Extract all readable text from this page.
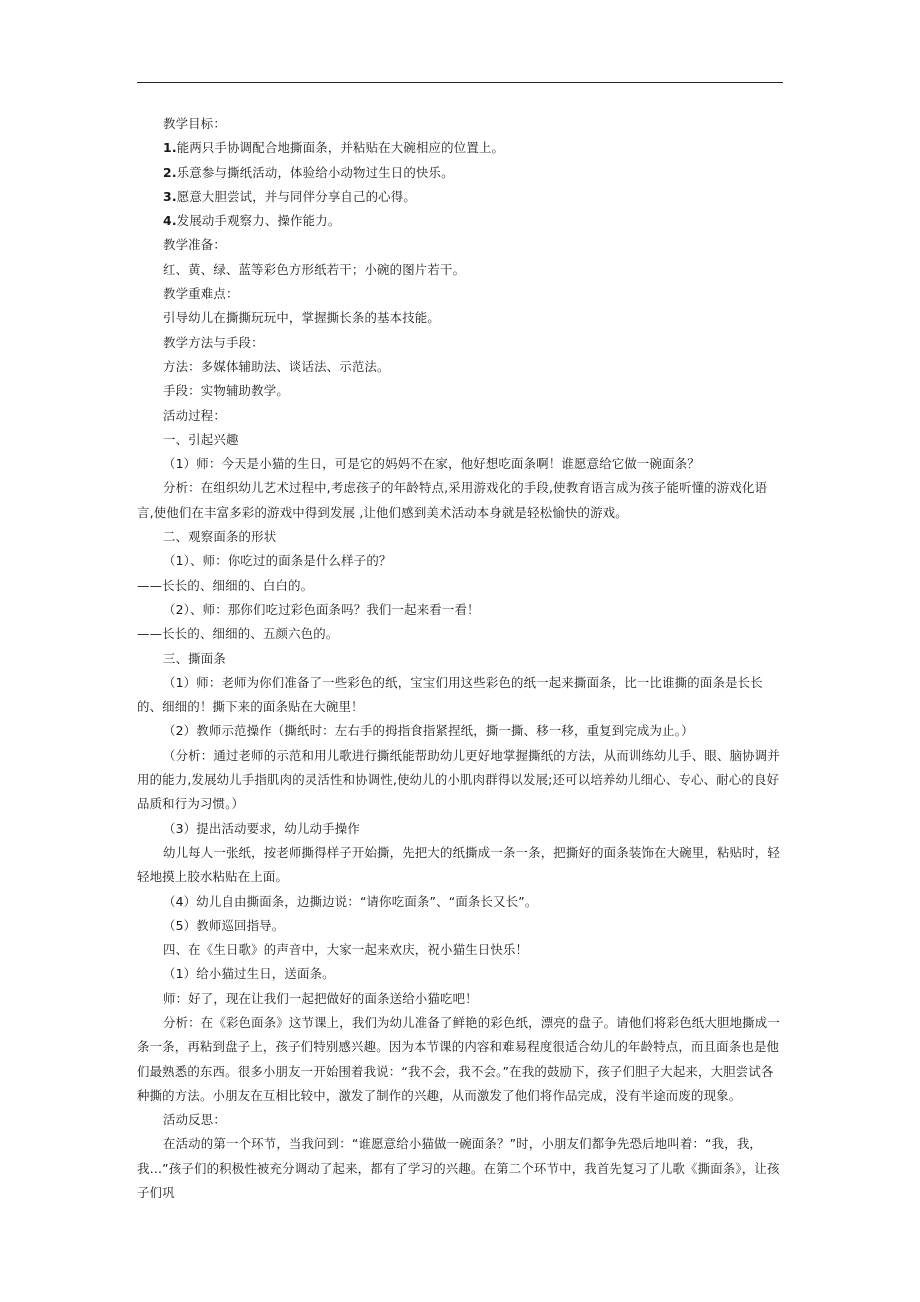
教学目标：

1.能两只手协调配合地撕面条，并粘贴在大碗相应的位置上。

2.乐意参与撕纸活动，体验给小动物过生日的快乐。

3.愿意大胆尝试，并与同伴分享自己的心得。

4.发展动手观察力、操作能力。

教学准备：

红、黄、绿、蓝等彩色方形纸若干；小碗的图片若干。

教学重难点：

引导幼儿在撕撕玩玩中，掌握撕长条的基本技能。

教学方法与手段：

方法：多媒体辅助法、谈话法、示范法。

手段：实物辅助教学。

活动过程：

一、引起兴趣

（1）师：今天是小猫的生日，可是它的妈妈不在家，他好想吃面条啊！谁愿意给它做一碗面条？

分析：在组织幼儿艺术过程中,考虑孩子的年龄特点,采用游戏化的手段,使教育语言成为孩子能听懂的游戏化语言,使他们在丰富多彩的游戏中得到发展 ,让他们感到美术活动本身就是轻松愉快的游戏。

二、观察面条的形状

（1）、师：你吃过的面条是什么样子的？

——长长的、细细的、白白的。

（2）、师：那你们吃过彩色面条吗？我们一起来看一看！

——长长的、细细的、五颜六色的。

三、撕面条

（1）师：老师为你们准备了一些彩色的纸，宝宝们用这些彩色的纸一起来撕面条，比一比谁撕的面条是长长的、细细的！撕下来的面条贴在大碗里！

（2）教师示范操作（撕纸时：左右手的拇指食指紧捏纸，撕一撕、移一移，重复到完成为止。）

（分析：通过老师的示范和用儿歌进行撕纸能帮助幼儿更好地掌握撕纸的方法，从而训练幼儿手、眼、脑协调并用的能力,发展幼儿手指肌肉的灵活性和协调性,使幼儿的小肌肉群得以发展;还可以培养幼儿细心、专心、耐心的良好品质和行为习惯。）

（3）提出活动要求，幼儿动手操作

幼儿每人一张纸，按老师撕得样子开始撕，先把大的纸撕成一条一条，把撕好的面条装饰在大碗里，粘贴时，轻轻地摸上胶水粘贴在上面。

（4）幼儿自由撕面条，边撕边说：“请你吃面条”、“面条长又长”。

（5）教师巡回指导。

四、在《生日歌》的声音中，大家一起来欢庆，祝小猫生日快乐！

（1）给小猫过生日，送面条。

师：好了，现在让我们一起把做好的面条送给小猫吃吧！

分析：在《彩色面条》这节课上，我们为幼儿准备了鲜艳的彩色纸，漂亮的盘子。请他们将彩色纸大胆地撕成一条一条，再粘到盘子上，孩子们特别感兴趣。因为本节课的内容和难易程度很适合幼儿的年龄特点，而且面条也是他们最熟悉的东西。很多小朋友一开始围着我说：“我不会，我不会。”在我的鼓励下，孩子们胆子大起来，大胆尝试各种撕的方法。小朋友在互相比较中，激发了制作的兴趣，从而激发了他们将作品完成，没有半途而废的现象。

活动反思：

在活动的第一个环节，当我问到：“谁愿意给小猫做一碗面条？”时，小朋友们都争先恐后地叫着：“我，我，我…”孩子们的积极性被充分调动了起来，都有了学习的兴趣。在第二个环节中，我首先复习了儿歌《撕面条》，让孩子们巩
